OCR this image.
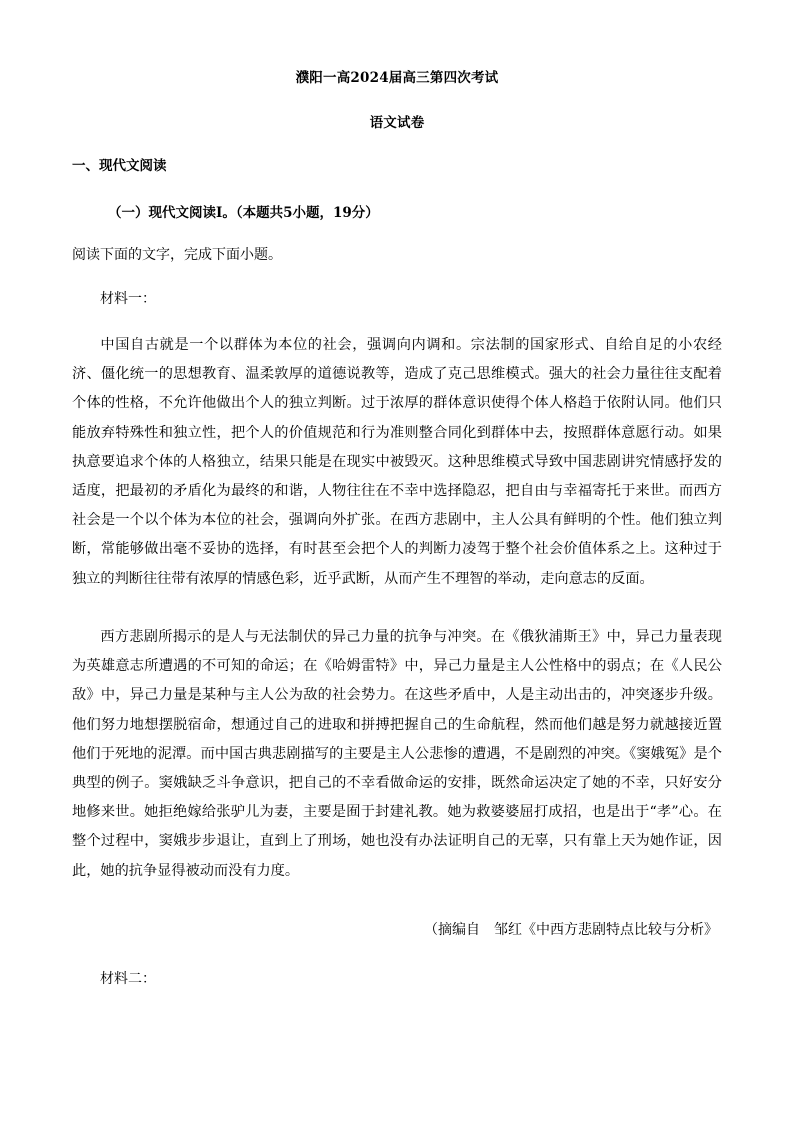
濮阳一高2024届高三第四次考试
语文试卷
一、现代文阅读
（一）现代文阅读Ⅰ。（本题共5小题，19分）
阅读下面的文字，完成下面小题。
材料一：

中国自古就是一个以群体为本位的社会，强调向内调和。宗法制的国家形式、自给自足的小农经济、僵化统一的思想教育、温柔敦厚的道德说教等，造成了克己思维模式。强大的社会力量往往支配着个体的性格，不允许他做出个人的独立判断。过于浓厚的群体意识使得个体人格趋于依附认同。他们只能放弃特殊性和独立性，把个人的价值规范和行为准则整合同化到群体中去，按照群体意愿行动。如果执意要追求个体的人格独立，结果只能是在现实中被毁灭。这种思维模式导致中国悲剧讲究情感抒发的适度，把最初的矛盾化为最终的和谐，人物往往在不幸中选择隐忍，把自由与幸福寄托于来世。而西方社会是一个以个体为本位的社会，强调向外扩张。在西方悲剧中，主人公具有鲜明的个性。他们独立判断，常能够做出毫不妥协的选择，有时甚至会把个人的判断力凌驾于整个社会价值体系之上。这种过于独立的判断往往带有浓厚的情感色彩，近乎武断，从而产生不理智的举动，走向意志的反面。

西方悲剧所揭示的是人与无法制伏的异己力量的抗争与冲突。在《俄狄浦斯王》中，异己力量表现为英雄意志所遭遇的不可知的命运；在《哈姆雷特》中，异己力量是主人公性格中的弱点；在《人民公敌》中，异己力量是某种与主人公为敌的社会势力。在这些矛盾中，人是主动出击的，冲突逐步升级。他们努力地想摆脱宿命，想通过自己的进取和拼搏把握自己的生命航程，然而他们越是努力就越接近置他们于死地的泥潭。而中国古典悲剧描写的主要是主人公悲惨的遭遇，不是剧烈的冲突。《窦娥冤》是个典型的例子。窦娥缺乏斗争意识，把自己的不幸看做命运的安排，既然命运决定了她的不幸，只好安分地修来世。她拒绝嫁给张驴儿为妻，主要是囿于封建礼教。她为救婆婆屈打成招，也是出于“孝”心。在整个过程中，窦娥步步退让，直到上了刑场，她也没有办法证明自己的无辜，只有靠上天为她作证，因此，她的抗争显得被动而没有力度。

（摘编自　邹红《中西方悲剧特点比较与分析》
材料二：
